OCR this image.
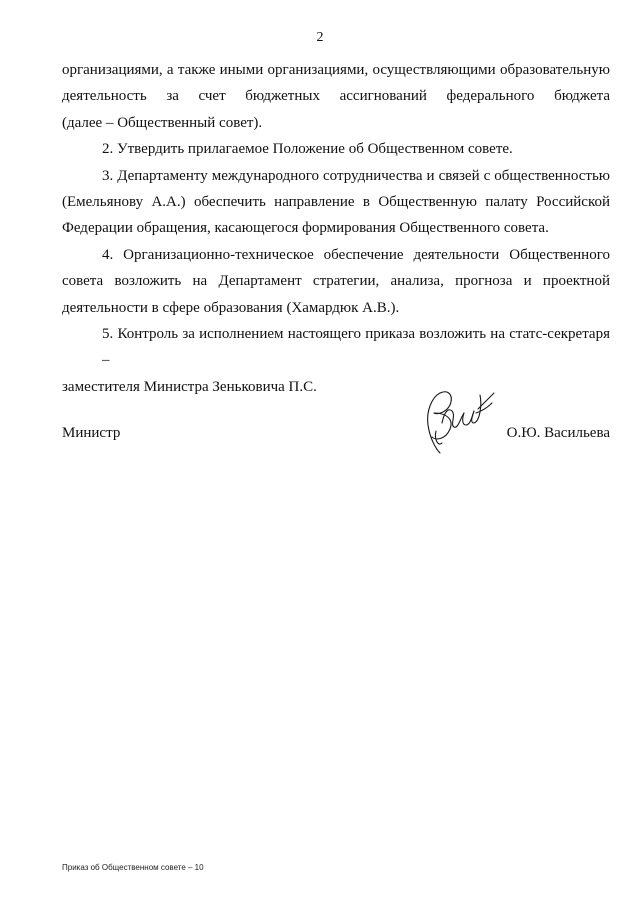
2

организациями, а также иными организациями, осуществляющими образовательную
деятельность за счет бюджетных ассигнований федерального бюджета
(далее – Общественный совет).

2. Утвердить прилагаемое Положение об Общественном совете.

3. Департаменту международного сотрудничества и связей с общественностью
(Емельянову А.А.) обеспечить направление в Общественную палату Российской
Федерации обращения, касающегося формирования Общественного совета.

4. Организационно-техническое обеспечение деятельности Общественного
совета возложить на Департамент стратегии, анализа, прогноза и проектной
деятельности в сфере образования (Хамардюк А.В.).

5. Контроль за исполнением настоящего приказа возложить на статс-секретаря –
заместителя Министра Зеньковича П.С.

Министр	О.Ю. Васильева
Приказ об Общественном совете – 10
